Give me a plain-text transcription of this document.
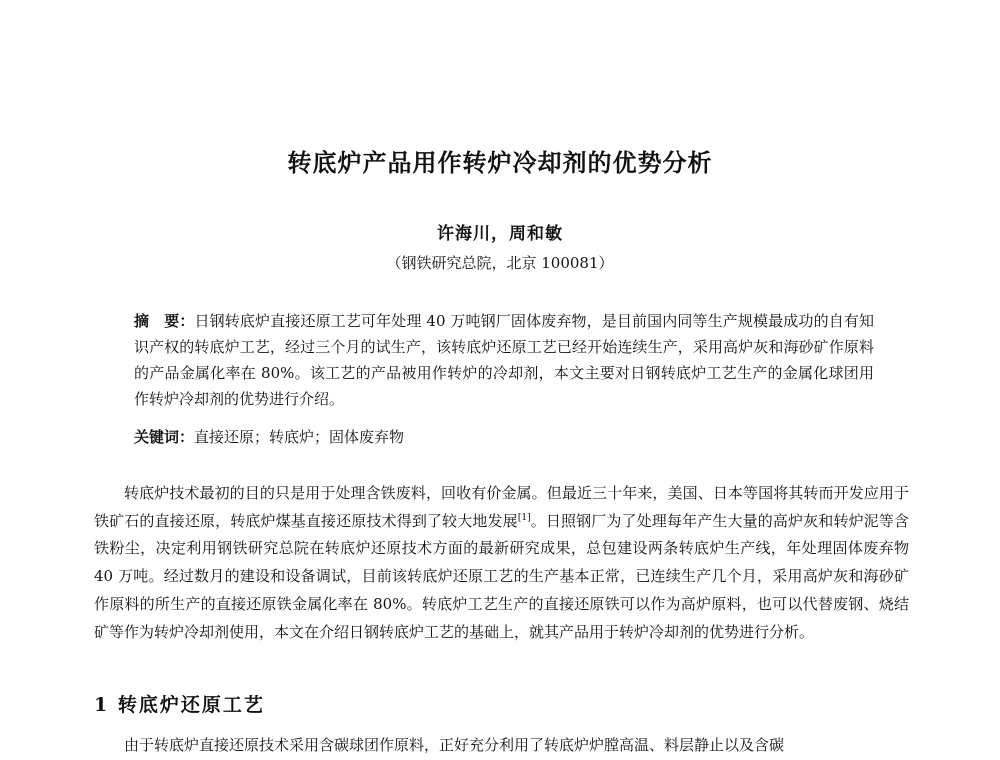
转底炉产品用作转炉冷却剂的优势分析
许海川，周和敏
（钢铁研究总院，北京 100081）
摘　要：日钢转底炉直接还原工艺可年处理 40 万吨钢厂固体废弃物，是目前国内同等生产规模最成功的自有知识产权的转底炉工艺，经过三个月的试生产，该转底炉还原工艺已经开始连续生产，采用高炉灰和海砂矿作原料的产品金属化率在 80%。该工艺的产品被用作转炉的冷却剂，本文主要对日钢转底炉工艺生产的金属化球团用作转炉冷却剂的优势进行介绍。
关键词：直接还原；转底炉；固体废弃物

转底炉技术最初的目的只是用于处理含铁废料，回收有价金属。但最近三十年来，美国、日本等国将其转而开发应用于铁矿石的直接还原，转底炉煤基直接还原技术得到了较大地发展[1]。日照钢厂为了处理每年产生大量的高炉灰和转炉泥等含铁粉尘，决定利用钢铁研究总院在转底炉还原技术方面的最新研究成果，总包建设两条转底炉生产线，年处理固体废弃物 40 万吨。经过数月的建设和设备调试，目前该转底炉还原工艺的生产基本正常，已连续生产几个月，采用高炉灰和海砂矿作原料的所生产的直接还原铁金属化率在 80%。转底炉工艺生产的直接还原铁可以作为高炉原料，也可以代替废钢、烧结矿等作为转炉冷却剂使用，本文在介绍日钢转底炉工艺的基础上，就其产品用于转炉冷却剂的优势进行分析。

1 转底炉还原工艺

由于转底炉直接还原技术采用含碳球团作原料，正好充分利用了转底炉炉膛高温、料层静止以及含碳
